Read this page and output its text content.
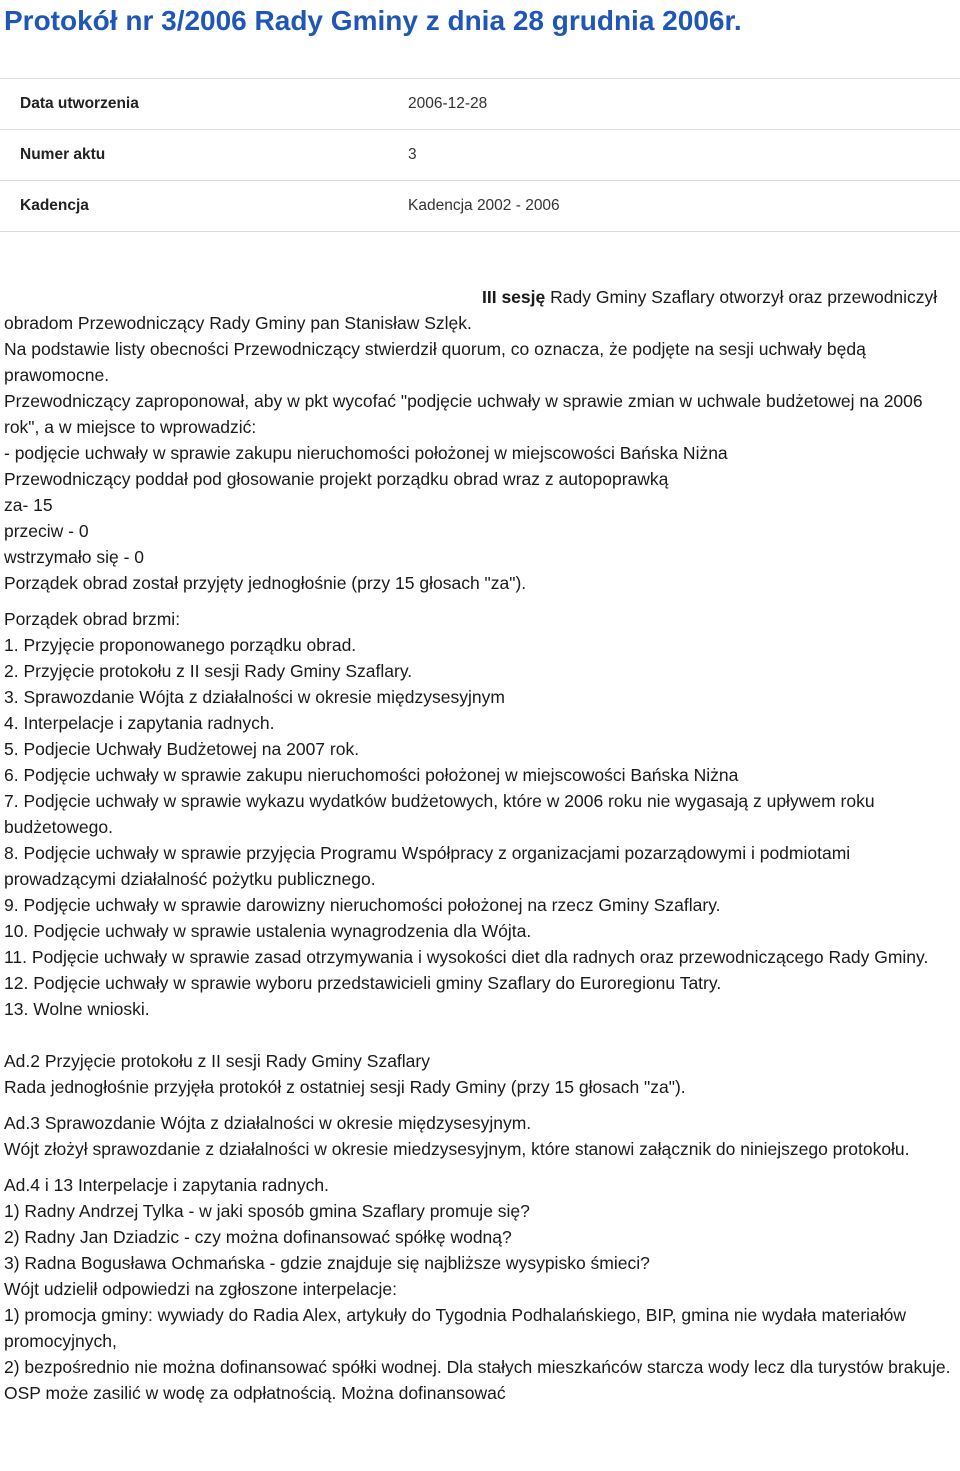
Protokół nr 3/2006 Rady Gminy z dnia 28 grudnia 2006r.
Data utworzenia	2006-12-28
Numer aktu	3
Kadencja	Kadencja 2002 - 2006

III sesję Rady Gminy Szaflary otworzył oraz przewodniczył obradom Przewodniczący Rady Gminy pan Stanisław Szlęk.

Na podstawie listy obecności Przewodniczący stwierdził quorum, co oznacza, że podjęte na sesji uchwały będą prawomocne.

Przewodniczący zaproponował, aby w pkt wycofać "podjęcie uchwały w sprawie zmian w uchwale budżetowej na 2006 rok", a w miejsce to wprowadzić:

- podjęcie uchwały w sprawie zakupu nieruchomości położonej w miejscowości Bańska Niżna

Przewodniczący poddał pod głosowanie projekt porządku obrad wraz z autopoprawką

za- 15

przeciw - 0

wstrzymało się - 0

Porządek obrad został przyjęty jednogłośnie (przy 15 głosach "za").

Porządek obrad brzmi:

1. Przyjęcie proponowanego porządku obrad.

2. Przyjęcie protokołu z II sesji Rady Gminy Szaflary.

3. Sprawozdanie Wójta z działalności w okresie międzysesyjnym

4. Interpelacje i zapytania radnych.

5. Podjecie Uchwały Budżetowej na 2007 rok.

6. Podjęcie uchwały w sprawie zakupu nieruchomości położonej w miejscowości Bańska Niżna

7. Podjęcie uchwały w sprawie wykazu wydatków budżetowych, które w 2006 roku nie wygasają z upływem roku budżetowego.

8. Podjęcie uchwały w sprawie przyjęcia Programu Współpracy z organizacjami pozarządowymi i podmiotami prowadzącymi działalność pożytku publicznego.

9. Podjęcie uchwały w sprawie darowizny nieruchomości położonej na rzecz Gminy Szaflary.

10. Podjęcie uchwały w sprawie ustalenia wynagrodzenia dla Wójta.

11. Podjęcie uchwały w sprawie zasad otrzymywania i wysokości diet dla radnych oraz przewodniczącego Rady Gminy.

12. Podjęcie uchwały w sprawie wyboru przedstawicieli gminy Szaflary do Euroregionu Tatry.

13. Wolne wnioski.

Ad.2 Przyjęcie protokołu z II sesji Rady Gminy Szaflary

Rada jednogłośnie przyjęła protokół z ostatniej sesji Rady Gminy (przy 15 głosach "za").

Ad.3 Sprawozdanie Wójta z działalności w okresie międzysesyjnym.

Wójt złożył sprawozdanie z działalności w okresie miedzysesyjnym, które stanowi załącznik do niniejszego protokołu.

Ad.4 i 13 Interpelacje i zapytania radnych.

1) Radny Andrzej Tylka - w jaki sposób gmina Szaflary promuje się?

2) Radny Jan Dziadzic - czy można dofinansować spółkę wodną?

3) Radna Bogusława Ochmańska - gdzie znajduje się najbliższe wysypisko śmieci?

Wójt udzielił odpowiedzi na zgłoszone interpelacje:

1) promocja gminy: wywiady do Radia Alex, artykuły do Tygodnia Podhalańskiego, BIP, gmina nie wydała materiałów promocyjnych,

2) bezpośrednio nie można dofinansować spółki wodnej. Dla stałych mieszkańców starcza wody lecz dla turystów brakuje. OSP może zasilić w wodę za odpłatnością. Można dofinansować
